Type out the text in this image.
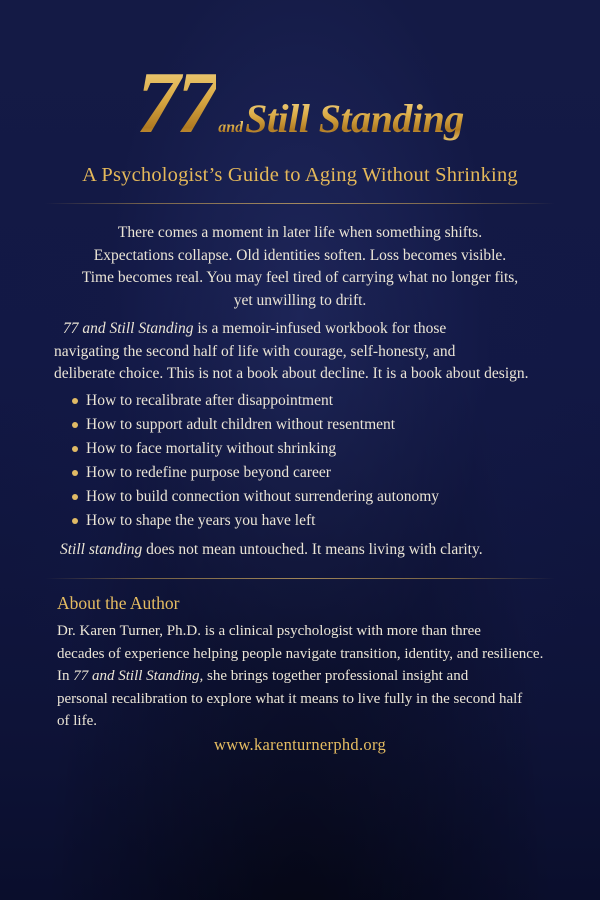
77 andStill Standing
A Psychologist’s Guide to Aging Without Shrinking
There comes a moment in later life when something shifts.
Expectations collapse. Old identities soften. Loss becomes visible.
Time becomes real. You may feel tired of carrying what no longer fits,
yet unwilling to drift.
77 and Still Standing is a memoir-infused workbook for those
navigating the second half of life with courage, self-honesty, and
deliberate choice. This is not a book about decline. It is a book about design.
How to recalibrate after disappointment
How to support adult children without resentment
How to face mortality without shrinking
How to redefine purpose beyond career
How to build connection without surrendering autonomy
How to shape the years you have left
Still standing does not mean untouched. It means living with clarity.
About the Author
Dr. Karen Turner, Ph.D. is a clinical psychologist with more than three
decades of experience helping people navigate transition, identity, and resilience.
In 77 and Still Standing, she brings together professional insight and
personal recalibration to explore what it means to live fully in the second half
of life.
www.karenturnerphd.org
